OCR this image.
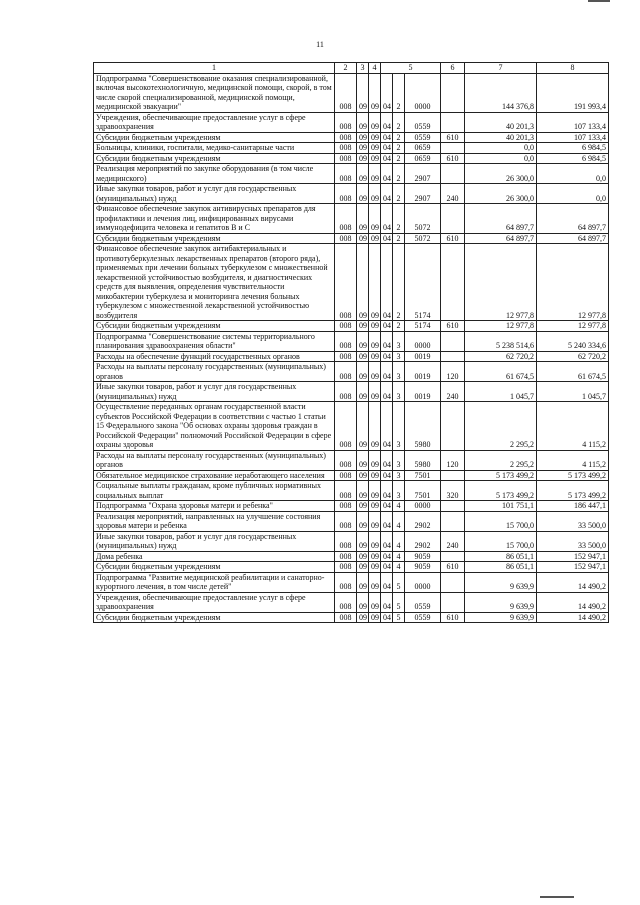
11
1	2	3	4	5			6	7	8
Подпрограмма "Совершенствование оказания специализированной, включая высокотехнологичную, медицинской помощи, скорой, в том числе скорой специализированной, медицинской помощи, медицинской эвакуации"	008	09	09	04	2	0000		144 376,8	191 993,4
Учреждения, обеспечивающие предоставление услуг в сфере здравоохранения	008	09	09	04	2	0559		40 201,3	107 133,4
Субсидии бюджетным учреждениям	008	09	09	04	2	0559	610	40 201,3	107 133,4
Больницы, клиники, госпитали, медико-санитарные части	008	09	09	04	2	0659		0,0	6 984,5
Субсидии бюджетным учреждениям	008	09	09	04	2	0659	610	0,0	6 984,5
Реализация мероприятий по закупке оборудования (в том числе медицинского)	008	09	09	04	2	2907		26 300,0	0,0
Иные закупки товаров, работ и услуг для государственных (муниципальных) нужд	008	09	09	04	2	2907	240	26 300,0	0,0
Финансовое обеспечение закупок антивирусных препаратов для профилактики и лечения лиц, инфицированных вирусами иммунодефицита человека и гепатитов В и С	008	09	09	04	2	5072		64 897,7	64 897,7
Субсидии бюджетным учреждениям	008	09	09	04	2	5072	610	64 897,7	64 897,7
Финансовое обеспечение закупок антибактериальных и противотуберкулезных лекарственных препаратов (второго ряда), применяемых при лечении больных туберкулезом с множественной лекарственной устойчивостью возбудителя, и диагностических средств для выявления, определения чувствительности микобактерии туберкулеза и мониторинга лечения больных туберкулезом с множественной лекарственной устойчивостью возбудителя	008	09	09	04	2	5174		12 977,8	12 977,8
Субсидии бюджетным учреждениям	008	09	09	04	2	5174	610	12 977,8	12 977,8
Подпрограмма "Совершенствование системы территориального планирования здравоохранения области"	008	09	09	04	3	0000		5 238 514,6	5 240 334,6
Расходы на обеспечение функций государственных органов	008	09	09	04	3	0019		62 720,2	62 720,2
Расходы на выплаты персоналу государственных (муниципальных) органов	008	09	09	04	3	0019	120	61 674,5	61 674,5
Иные закупки товаров, работ и услуг для государственных (муниципальных) нужд	008	09	09	04	3	0019	240	1 045,7	1 045,7
Осуществление переданных органам государственной власти субъектов Российской Федерации в соответствии с частью 1 статьи 15 Федерального закона "Об основах охраны здоровья граждан в Российской Федерации" полномочий Российской Федерации в сфере охраны здоровья	008	09	09	04	3	5980		2 295,2	4 115,2
Расходы на выплаты персоналу государственных (муниципальных) органов	008	09	09	04	3	5980	120	2 295,2	4 115,2
Обязательное медицинское страхование неработающего населения	008	09	09	04	3	7501		5 173 499,2	5 173 499,2
Социальные выплаты гражданам, кроме публичных нормативных социальных выплат	008	09	09	04	3	7501	320	5 173 499,2	5 173 499,2
Подпрограмма "Охрана здоровья матери и ребенка"	008	09	09	04	4	0000		101 751,1	186 447,1
Реализация мероприятий, направленных на улучшение состояния здоровья матери и ребенка	008	09	09	04	4	2902		15 700,0	33 500,0
Иные закупки товаров, работ и услуг для государственных (муниципальных) нужд	008	09	09	04	4	2902	240	15 700,0	33 500,0
Дома ребенка	008	09	09	04	4	9059		86 051,1	152 947,1
Субсидии бюджетным учреждениям	008	09	09	04	4	9059	610	86 051,1	152 947,1
Подпрограмма "Развитие медицинской реабилитации и санаторно-курортного лечения, в том числе детей"	008	09	09	04	5	0000		9 639,9	14 490,2
Учреждения, обеспечивающие предоставление услуг в сфере здравоохранения	008	09	09	04	5	0559		9 639,9	14 490,2
Субсидии бюджетным учреждениям	008	09	09	04	5	0559	610	9 639,9	14 490,2
